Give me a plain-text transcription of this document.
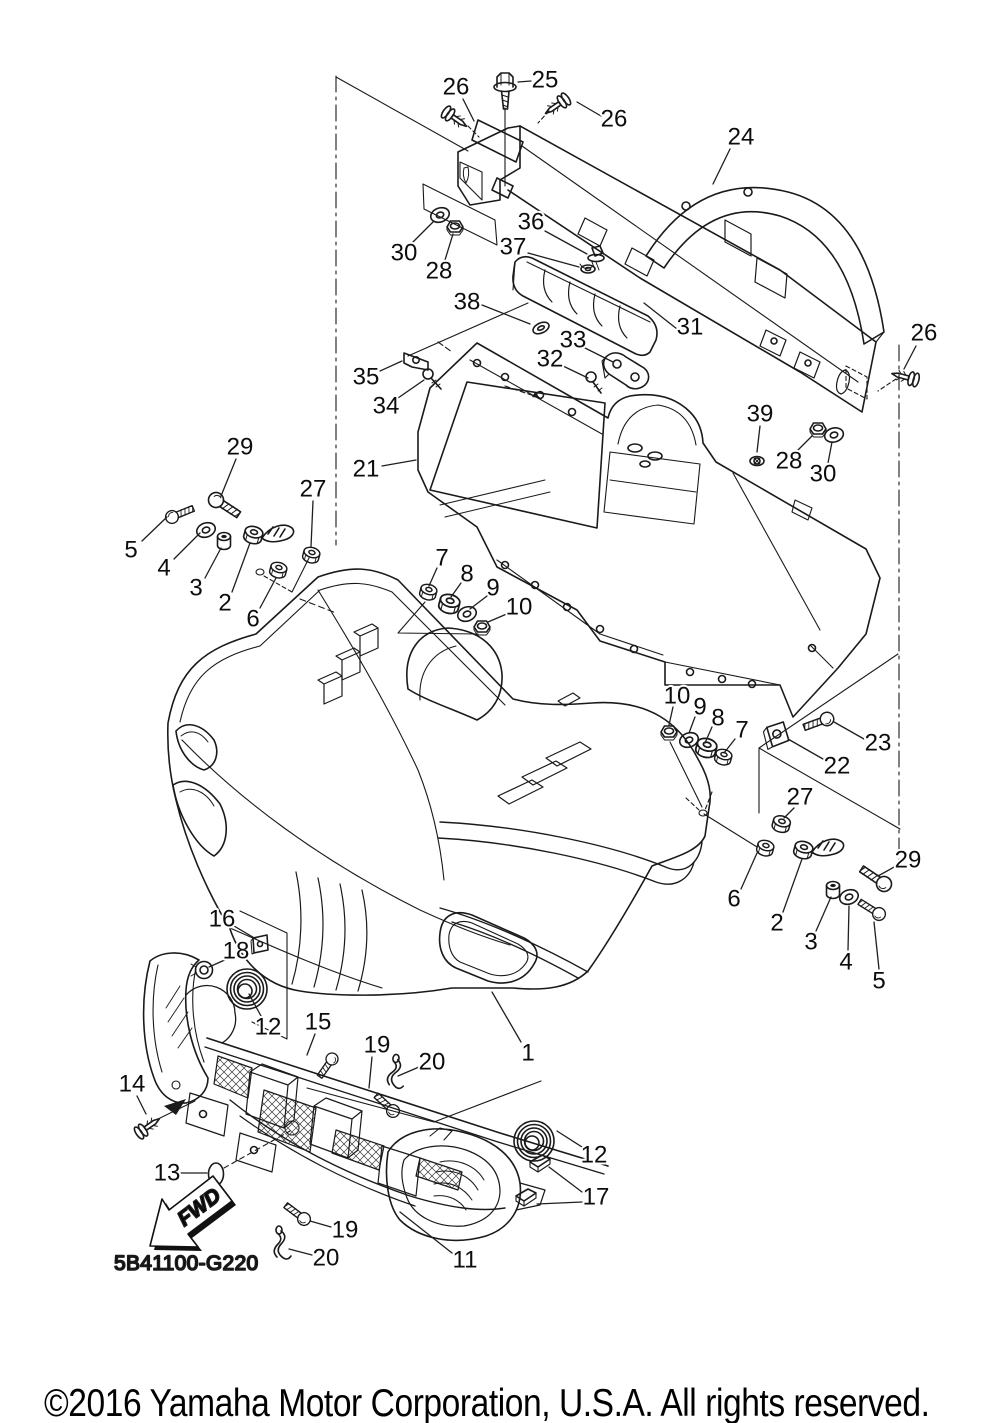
FWD
5B41100-G220
26	25
26
24
26
30
28
36
37
38
35
34
33
32
31
39
28 30
21
29
27
5
4
3
2
6
7
8
9
10
10 9 8 7	23
22
27
29
6
2
3
4
5
16
18
12 15
19
20
14
13
19
20
1
12
17
11
©2016 Yamaha Motor Corporation, U.S.A. All rights reserved.
